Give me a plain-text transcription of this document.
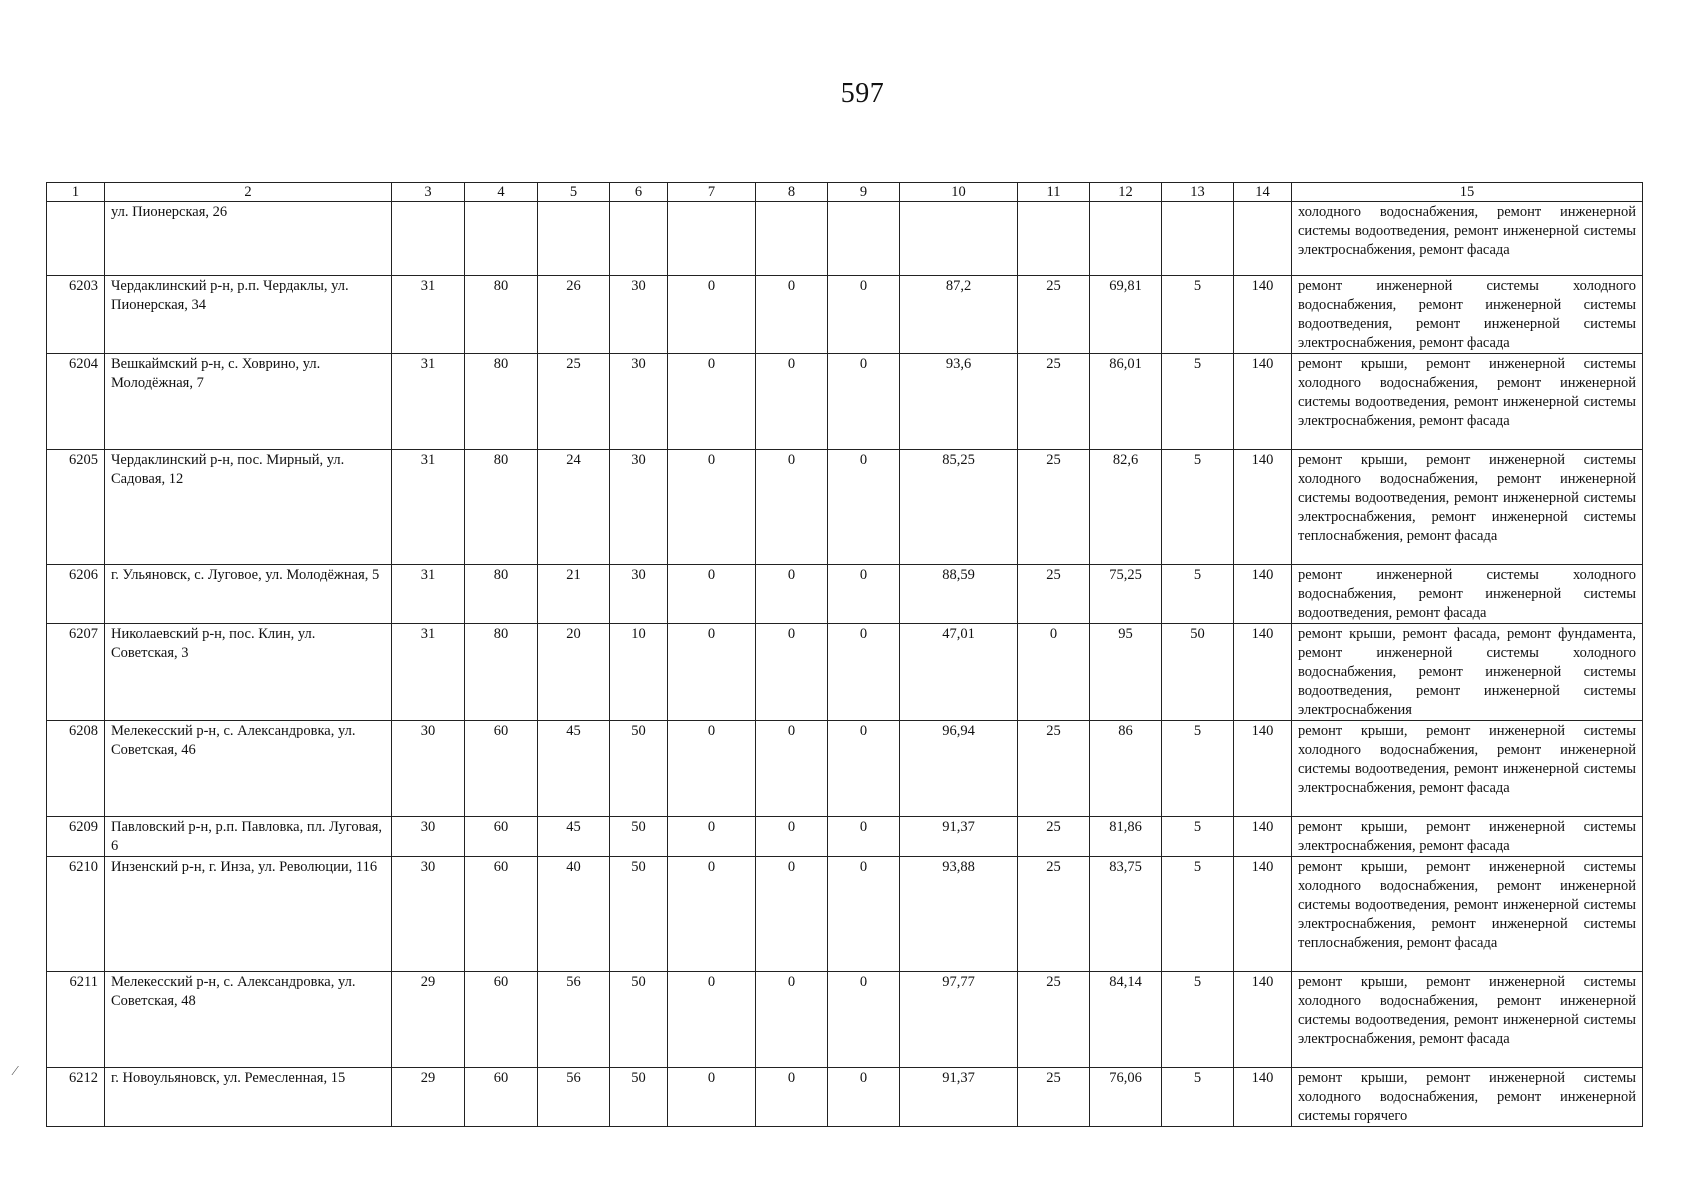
597
1	2	3	4	5	6	7	8	9	10	11	12	13	14	15
	ул. Пионерская, 26													холодного водоснабжения, ремонт инженерной системы водоотведения, ремонт инженерной системы электроснабжения, ремонт фасада
6203	Чердаклинский р-н, р.п. Чердаклы, ул. Пионерская, 34	31	80	26	30	0	0	0	87,2	25	69,81	5	140	ремонт инженерной системы холодного водоснабжения, ремонт инженерной системы водоотведения, ремонт инженерной системы электроснабжения, ремонт фасада
6204	Вешкаймский р-н, с. Ховрино, ул. Молодёжная, 7	31	80	25	30	0	0	0	93,6	25	86,01	5	140	ремонт крыши, ремонт инженерной системы холодного водоснабжения, ремонт инженерной системы водоотведения, ремонт инженерной системы электроснабжения, ремонт фасада
6205	Чердаклинский р-н, пос. Мирный, ул. Садовая, 12	31	80	24	30	0	0	0	85,25	25	82,6	5	140	ремонт крыши, ремонт инженерной системы холодного водоснабжения, ремонт инженерной системы водоотведения, ремонт инженерной системы электроснабжения, ремонт инженерной системы теплоснабжения, ремонт фасада
6206	г. Ульяновск, с. Луговое, ул. Молодёжная, 5	31	80	21	30	0	0	0	88,59	25	75,25	5	140	ремонт инженерной системы холодного водоснабжения, ремонт инженерной системы водоотведения, ремонт фасада
6207	Николаевский р-н, пос. Клин, ул. Советская, 3	31	80	20	10	0	0	0	47,01	0	95	50	140	ремонт крыши, ремонт фасада, ремонт фундамента, ремонт инженерной системы холодного водоснабжения, ремонт инженерной системы водоотведения, ремонт инженерной системы электроснабжения
6208	Мелекесский р-н, с. Александровка, ул. Советская, 46	30	60	45	50	0	0	0	96,94	25	86	5	140	ремонт крыши, ремонт инженерной системы холодного водоснабжения, ремонт инженерной системы водоотведения, ремонт инженерной системы электроснабжения, ремонт фасада
6209	Павловский р-н, р.п. Павловка, пл. Луговая, 6	30	60	45	50	0	0	0	91,37	25	81,86	5	140	ремонт крыши, ремонт инженерной системы электроснабжения, ремонт фасада
6210	Инзенский р-н, г. Инза, ул. Революции, 116	30	60	40	50	0	0	0	93,88	25	83,75	5	140	ремонт крыши, ремонт инженерной системы холодного водоснабжения, ремонт инженерной системы водоотведения, ремонт инженерной системы электроснабжения, ремонт инженерной системы теплоснабжения, ремонт фасада
6211	Мелекесский р-н, с. Александровка, ул. Советская, 48	29	60	56	50	0	0	0	97,77	25	84,14	5	140	ремонт крыши, ремонт инженерной системы холодного водоснабжения, ремонт инженерной системы водоотведения, ремонт инженерной системы электроснабжения, ремонт фасада
6212	г. Новоульяновск, ул. Ремесленная, 15	29	60	56	50	0	0	0	91,37	25	76,06	5	140	ремонт крыши, ремонт инженерной системы холодного водоснабжения, ремонт инженерной системы горячего
⁄
